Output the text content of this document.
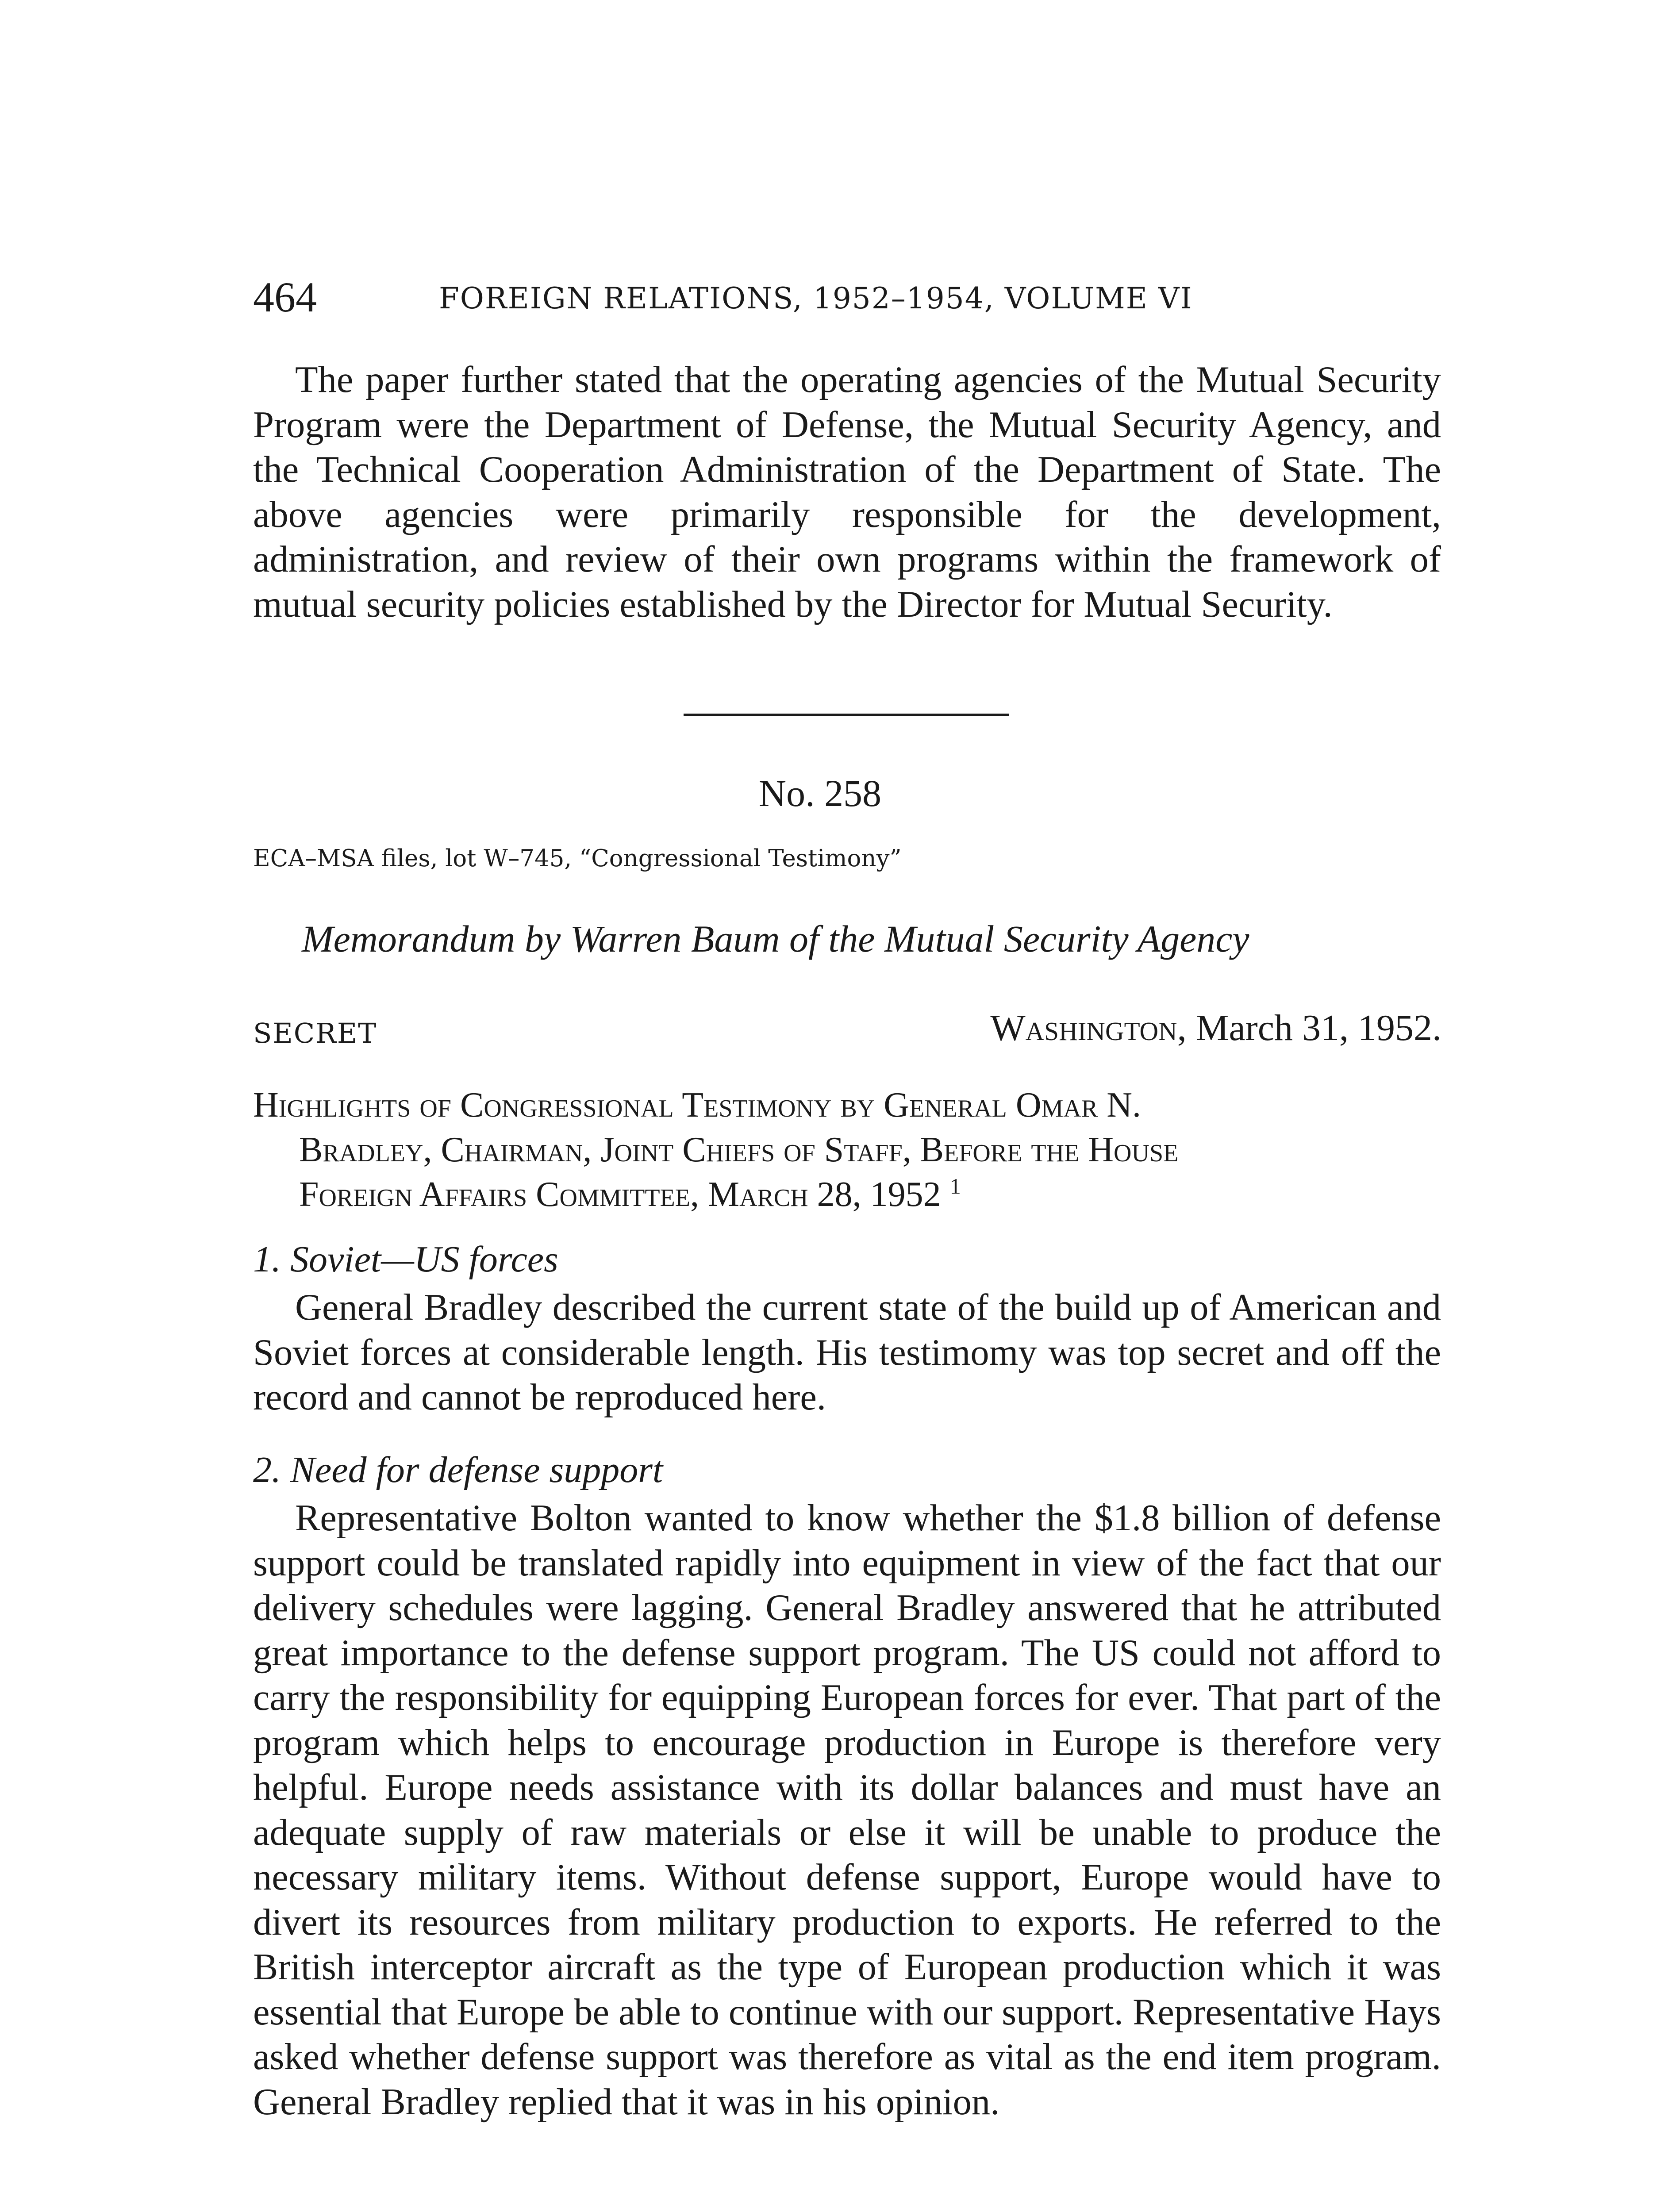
464	FOREIGN RELATIONS, 1952–1954, VOLUME VI

The paper further stated that the operating agencies of the Mutual Security Program were the Department of Defense, the Mutual Security Agency, and the Technical Cooperation Administration of the Department of State. The above agencies were primarily responsible for the development, administration, and review of their own programs within the framework of mutual security policies established by the Director for Mutual Security.

No. 258
ECA–MSA files, lot W–745, “Congressional Testimony”
Memorandum by Warren Baum of the Mutual Security Agency
SECRET	Washington, March 31, 1952.
Highlights of Congressional Testimony by General Omar N.
Bradley, Chairman, Joint Chiefs of Staff, Before the House
Foreign Affairs Committee, March 28, 1952 $^1$
1. Soviet—US forces

General Bradley described the current state of the build up of American and Soviet forces at considerable length. His testimomy was top secret and off the record and cannot be reproduced here.

2. Need for defense support

Representative Bolton wanted to know whether the $1.8 billion of defense support could be translated rapidly into equipment in view of the fact that our delivery schedules were lagging. General Bradley answered that he attributed great importance to the defense support program. The US could not afford to carry the responsibility for equipping European forces for ever. That part of the program which helps to encourage production in Europe is therefore very helpful. Europe needs assistance with its dollar balances and must have an adequate supply of raw materials or else it will be unable to produce the necessary military items. Without defense support, Europe would have to divert its resources from military production to exports. He referred to the British interceptor aircraft as the type of European production which it was essential that Europe be able to continue with our support. Representative Hays asked whether defense support was therefore as vital as the end item program. General Bradley replied that it was in his opinion.
